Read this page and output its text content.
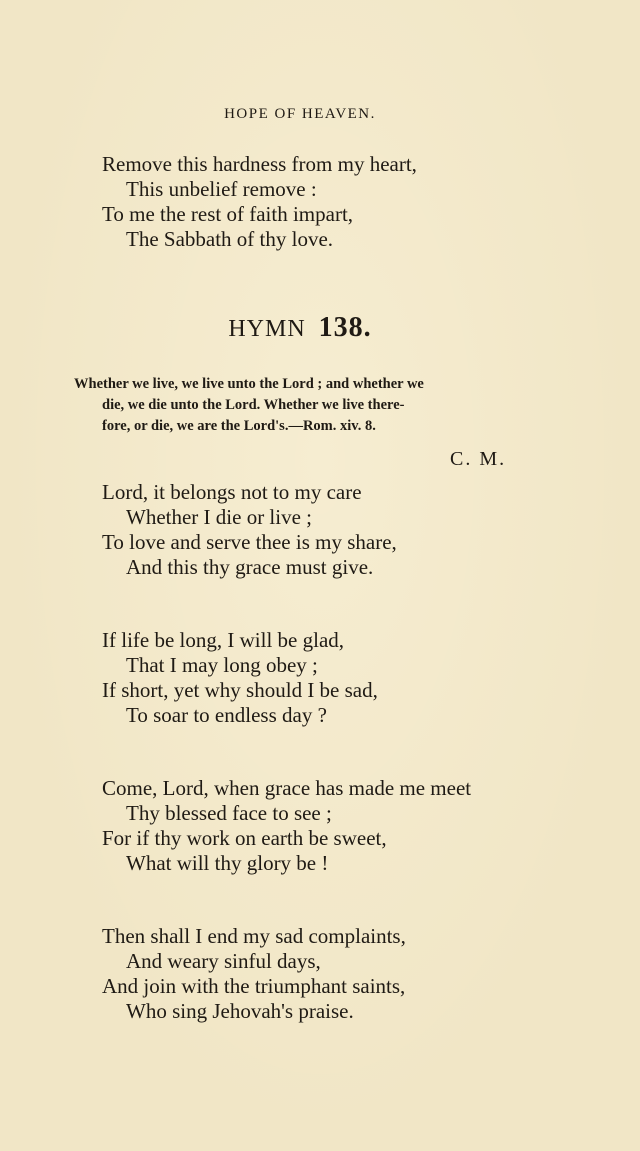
HOPE OF HEAVEN.
Remove this hardness from my heart,
This unbelief remove :
To me the rest of faith impart,
The Sabbath of thy love.
HYMN 138.
Whether we live, we live unto the Lord ; and whether we
die, we die unto the Lord. Whether we live there-
fore, or die, we are the Lord's.—Rom. xiv. 8.
C. M.
Lord, it belongs not to my care
Whether I die or live ;
To love and serve thee is my share,
And this thy grace must give.
If life be long, I will be glad,
That I may long obey ;
If short, yet why should I be sad,
To soar to endless day ?
Come, Lord, when grace has made me meet
Thy blessed face to see ;
For if thy work on earth be sweet,
What will thy glory be !
Then shall I end my sad complaints,
And weary sinful days,
And join with the triumphant saints,
Who sing Jehovah's praise.
